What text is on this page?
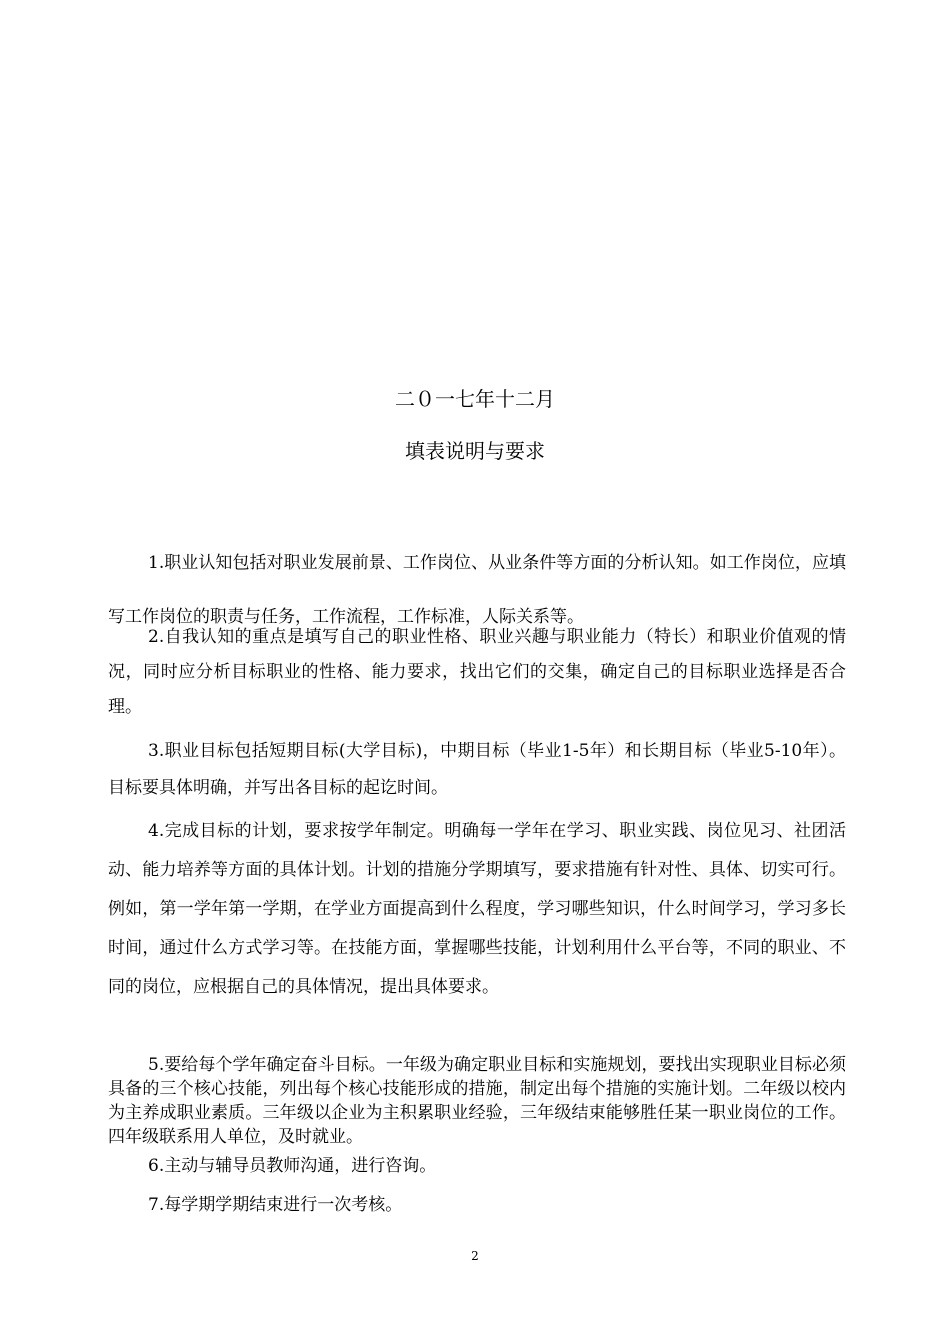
二０一七年十二月
填表说明与要求

1.职业认知包括对职业发展前景、工作岗位、从业条件等方面的分析认知。如工作岗位，应填写工作岗位的职责与任务，工作流程，工作标准，人际关系等。

2.自我认知的重点是填写自己的职业性格、职业兴趣与职业能力（特长）和职业价值观的情况，同时应分析目标职业的性格、能力要求，找出它们的交集，确定自己的目标职业选择是否合理。

3.职业目标包括短期目标(大学目标)，中期目标（毕业1-5年）和长期目标（毕业5-10年）。目标要具体明确，并写出各目标的起讫时间。

4.完成目标的计划，要求按学年制定。明确每一学年在学习、职业实践、岗位见习、社团活动、能力培养等方面的具体计划。计划的措施分学期填写，要求措施有针对性、具体、切实可行。例如，第一学年第一学期，在学业方面提高到什么程度，学习哪些知识，什么时间学习，学习多长时间，通过什么方式学习等。在技能方面，掌握哪些技能，计划利用什么平台等，不同的职业、不同的岗位，应根据自己的具体情况，提出具体要求。

5.要给每个学年确定奋斗目标。一年级为确定职业目标和实施规划，要找出实现职业目标必须具备的三个核心技能，列出每个核心技能形成的措施，制定出每个措施的实施计划。二年级以校内为主养成职业素质。三年级以企业为主积累职业经验，三年级结束能够胜任某一职业岗位的工作。四年级联系用人单位，及时就业。

6.主动与辅导员教师沟通，进行咨询。

7.每学期学期结束进行一次考核。

2
